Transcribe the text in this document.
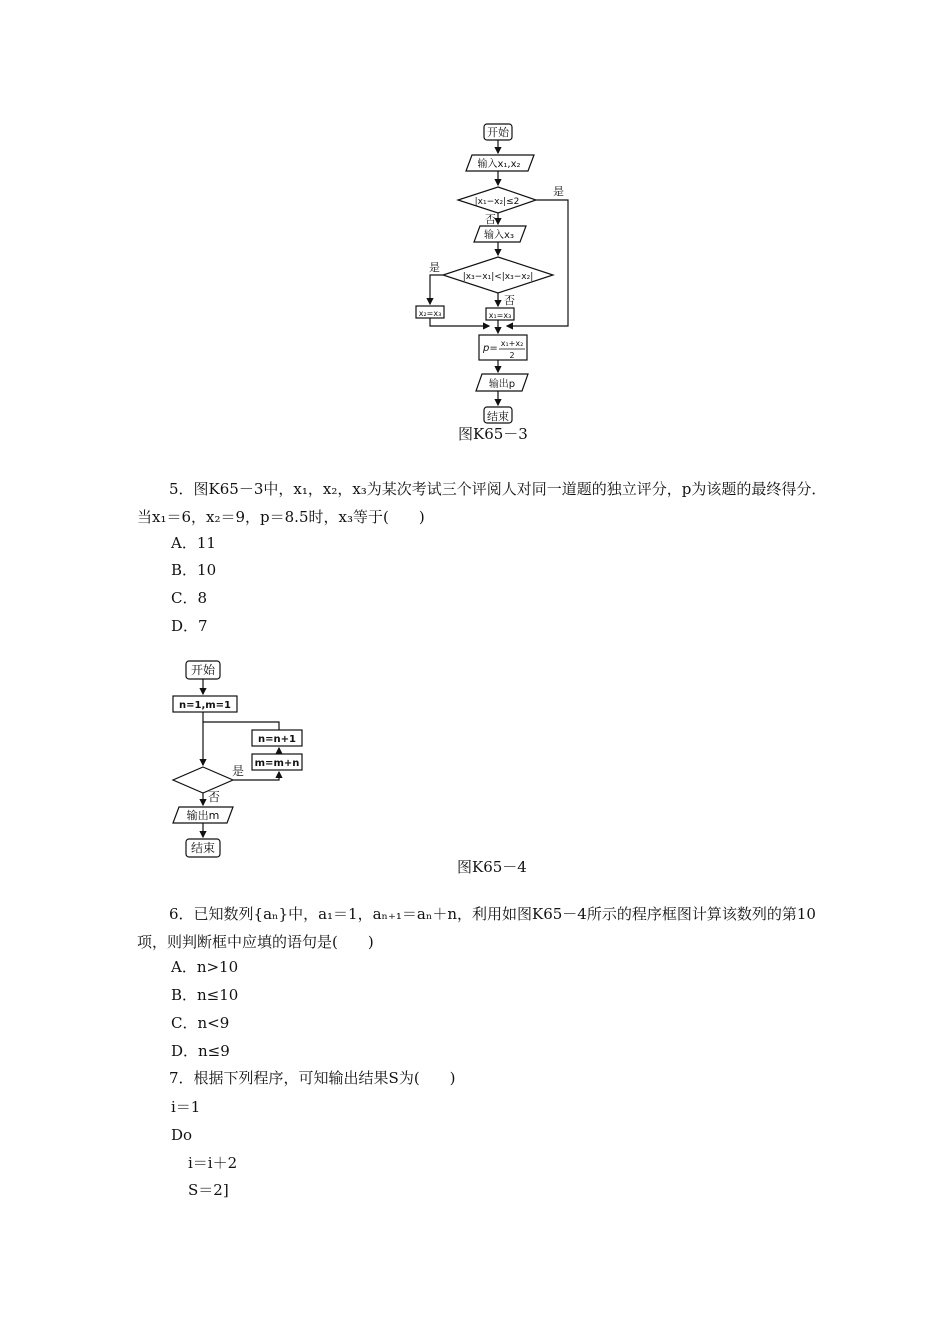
开始
输入x₁,x₂
|x₁−x₂|≤2
是
否
输入x₃
|x₃−x₁|<|x₃−x₂|
是
否
x₂=x₃	x₁=x₃
p= x₁+x₂
2
输出p
结束
图K65－3
5．图K65－3中，x₁，x₂，x₃为某次考试三个评阅人对同一道题的独立评分，p为该题的最终得分．当x₁＝6，x₂＝9，p＝8.5时，x₃等于(　　)
A．11
B．10
C．8
D．7
开始
n=1,m=1
n=n+1
m=m+n
是
否
输出m
结束
图K65－4
6．已知数列{aₙ}中，a₁＝1，aₙ₊₁＝aₙ＋n，利用如图K65－4所示的程序框图计算该数列的第10项，则判断框中应填的语句是(　　)
A．n>10
B．n≤10
C．n<9
D．n≤9
7．根据下列程序，可知输出结果S为(　　)
i＝1
Do
i＝i＋2
S＝2]
